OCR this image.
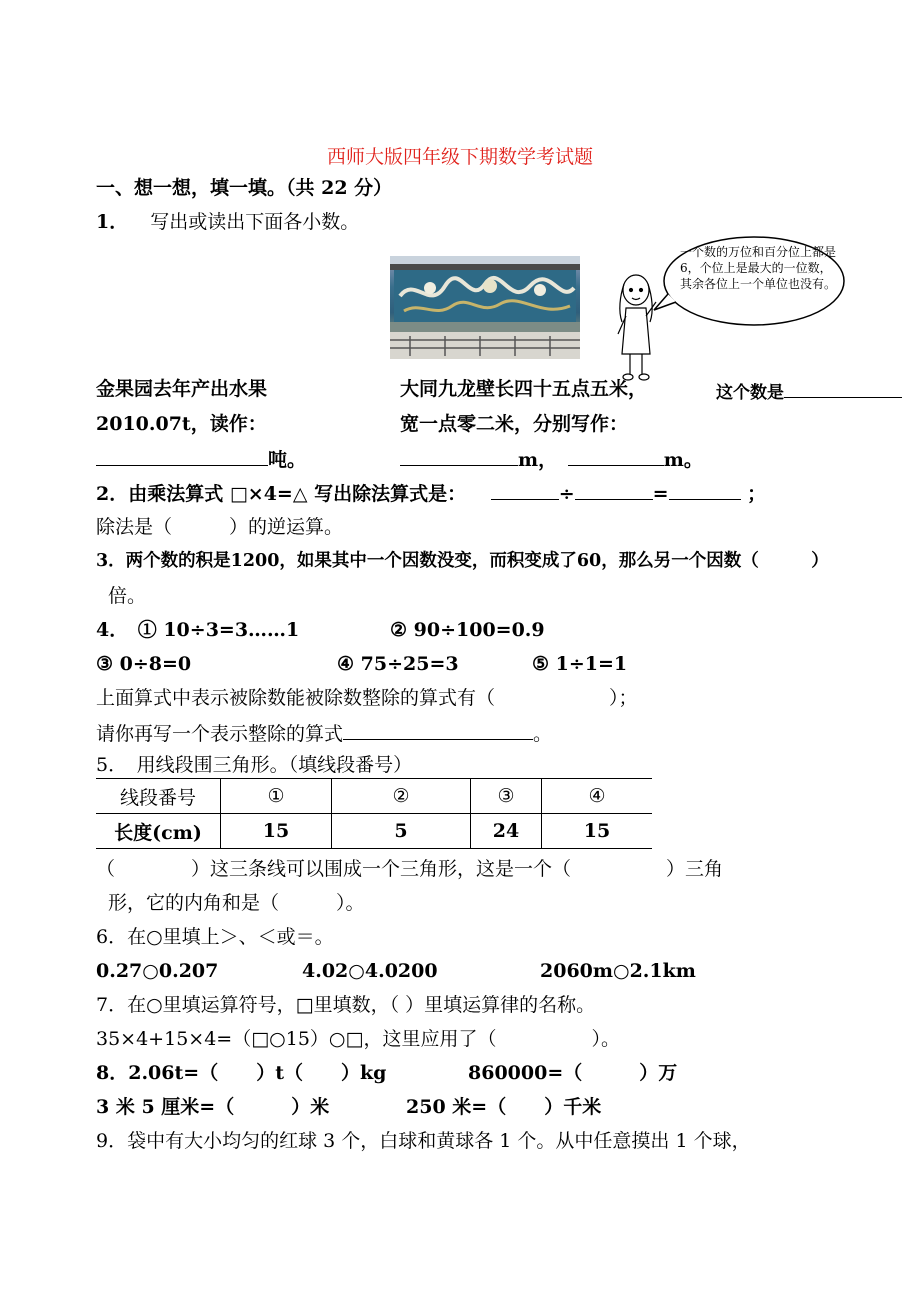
西师大版四年级下期数学考试题
一、想一想，填一填。（共 22 分）
1． 写出或读出下面各小数。
一个数的万位和百分位上都是6，个位上是最大的一位数，其余各位上一个单位也没有。
金果园去年产出水果
2010.07t，读作：
吨。
大同九龙壁长四十五点五米，
宽一点零二米，分别写作：
m，	m。
这个数是
2．由乘法算式 □×4=△ 写出除法算式是：	÷	=	；
除法是（　　　）的逆运算。
3．两个数的积是1200，如果其中一个因数没变，而积变成了60，那么另一个因数（　　　）
倍。
4．　① 10÷3=3……1	② 90÷100=0.9
③ 0÷8=0	④ 75÷25=3	⑤ 1÷1=1
上面算式中表示被除数能被除数整除的算式有（　　　　　　）；
请你再写一个表示整除的算式	。
5．　用线段围三角形。（填线段番号）
线段番号	①	②	③	④
长度(cm)	15	5	24	15
（　　　　）这三条线可以围成一个三角形，这是一个（　　　　　）三角
形，它的内角和是（　　　）。
6．在○里填上＞、＜或＝。
0.27○0.207	4.02○4.0200	2060m○2.1km
7．在○里填运算符号，□里填数，（ ）里填运算律的名称。
35×4+15×4=（□○15）○□，这里应用了（　　　　　）。
8．2.06t=（　　）t（　　）kg	860000=（　　　）万
3 米 5 厘米=（　　　）米	250 米=（　　）千米
9．袋中有大小均匀的红球 3 个，白球和黄球各 1 个。从中任意摸出 1 个球，
